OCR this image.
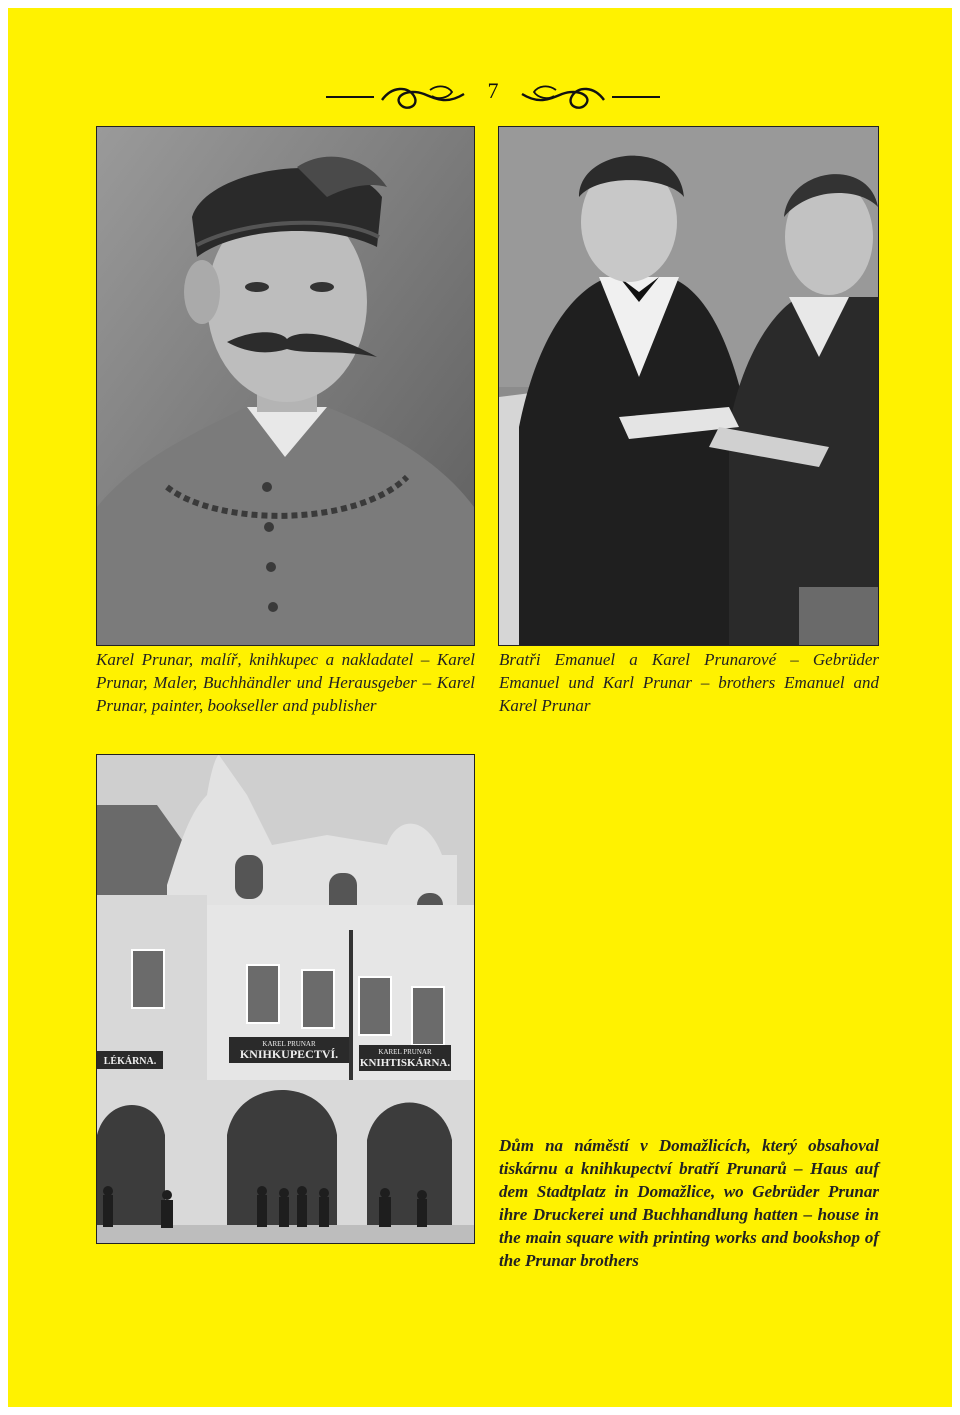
7
Karel Prunar, malíř, knihkupec a nakladatel – Karel Prunar, Maler, Buchhändler und Herausgeber – Karel Prunar, painter, bookseller and publisher
Bratři Emanuel a Karel Prunarové – Gebrüder Emanuel und Karl Prunar – brothers Emanuel and Karel Prunar
KAREL PRUNAR
KNIHKUPECTVÍ.	KAREL PRUNAR
KNIHTISKÁRNA.
LÉKÁRNA.
Dům na náměstí v Domažlicích, který obsahoval tiskárnu a knihkupectví bratří Prunarů – Haus auf dem Stadtplatz in Domažlice, wo Gebrüder Prunar ihre Druckerei und Buchhandlung hatten – house in the main square with printing works and bookshop of the Prunar brothers
